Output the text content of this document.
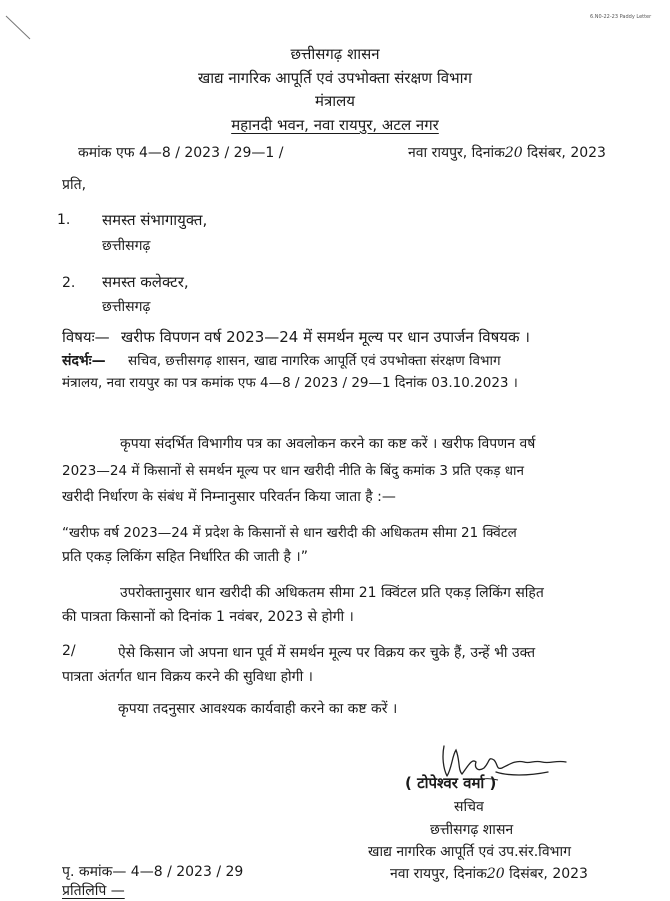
6.N0-22-23 Paddy Letter
छत्तीसगढ़ शासन
खाद्य नागरिक आपूर्ति एवं उपभोक्ता संरक्षण विभाग
मंत्रालय
महानदी भवन, नवा रायपुर, अटल नगर
कमांक एफ 4—8 / 2023 / 29—1 /	नवा रायपुर, दिनांक20 दिसंबर, 2023
प्रति,
1. समस्त संभागायुक्त,
छत्तीसगढ़
2. समस्त कलेक्टर,
छत्तीसगढ़
विषयः— खरीफ विपणन वर्ष 2023—24 में समर्थन मूल्य पर धान उपार्जन विषयक ।
संदर्भः— सचिव, छत्तीसगढ़ शासन, खाद्य नागरिक आपूर्ति एवं उपभोक्ता संरक्षण विभाग
मंत्रालय, नवा रायपुर का पत्र कमांक एफ 4—8 / 2023 / 29—1 दिनांक 03.10.2023 ।
कृपया संदर्भित विभागीय पत्र का अवलोकन करने का कष्ट करें । खरीफ विपणन वर्ष
2023—24 में किसानों से समर्थन मूल्य पर धान खरीदी नीति के बिंदु कमांक 3 प्रति एकड़ धान
खरीदी निर्धारण के संबंध में निम्नानुसार परिवर्तन किया जाता है :—
“खरीफ वर्ष 2023—24 में प्रदेश के किसानों से धान खरीदी की अधिकतम सीमा 21 क्विंटल
प्रति एकड़ लिकिंग सहित निर्धारित की जाती है ।”
उपरोक्तानुसार धान खरीदी की अधिकतम सीमा 21 क्विंटल प्रति एकड़ लिकिंग सहित
की पात्रता किसानों को दिनांक 1 नवंबर, 2023 से होगी ।
2/	ऐसे किसान जो अपना धान पूर्व में समर्थन मूल्य पर विक्रय कर चुके हैं, उन्हें भी उक्त
पात्रता अंतर्गत धान विक्रय करने की सुविधा होगी ।
कृपया तदनुसार आवश्यक कार्यवाही करने का कष्ट करें ।
( टोपेश्वर वर्मा )
सचिव
छत्तीसगढ़ शासन
खाद्य नागरिक आपूर्ति एवं उप.संर.विभाग
नवा रायपुर, दिनांक20 दिसंबर, 2023
पृ. कमांक— 4—8 / 2023 / 29
प्रतिलिपि —
